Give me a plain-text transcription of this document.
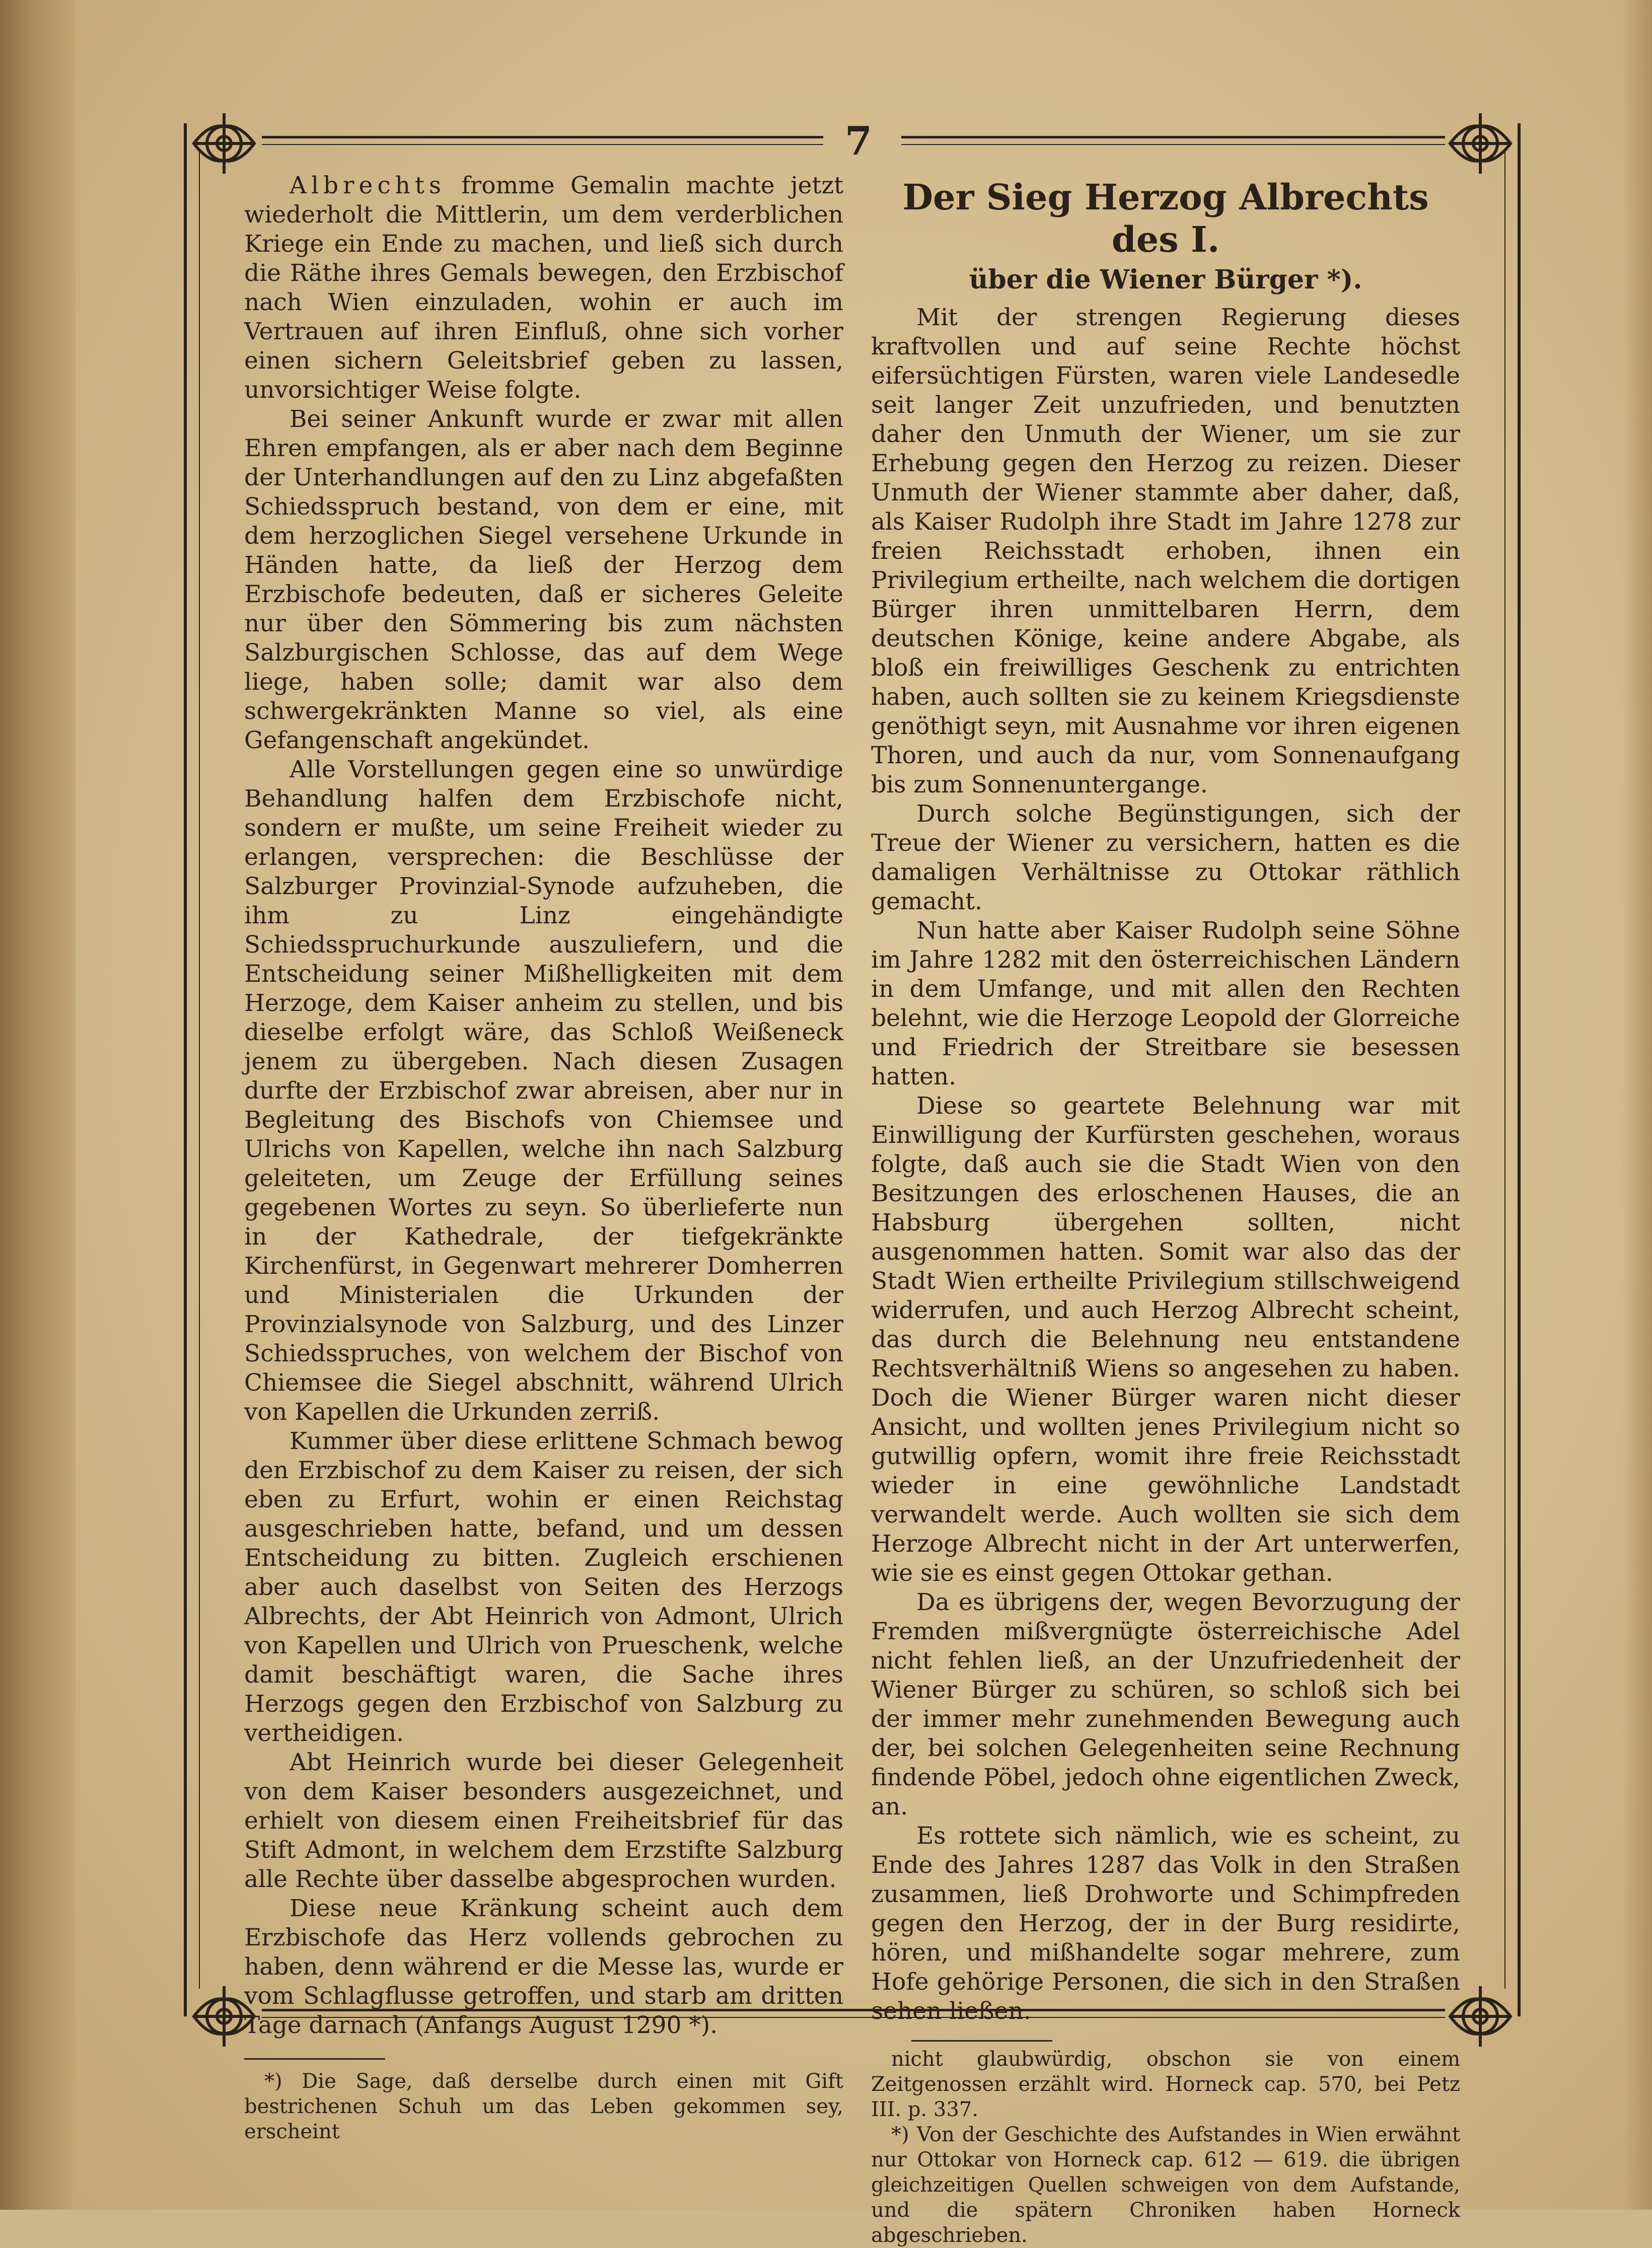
7

Albrechts fromme Gemalin machte jetzt wiederholt die Mittlerin, um dem verderblichen Kriege ein Ende zu machen, und ließ sich durch die Räthe ihres Gemals bewegen, den Erzbischof nach Wien einzuladen, wohin er auch im Vertrauen auf ihren Einfluß, ohne sich vorher einen sichern Geleitsbrief geben zu lassen, unvorsichtiger Weise folgte.

Bei seiner Ankunft wurde er zwar mit allen Ehren empfangen, als er aber nach dem Beginne der Unterhandlungen auf den zu Linz abgefaßten Schiedsspruch bestand, von dem er eine, mit dem herzoglichen Siegel versehene Urkunde in Händen hatte, da ließ der Herzog dem Erzbischofe bedeuten, daß er sicheres Geleite nur über den Sömmering bis zum nächsten Salzburgischen Schlosse, das auf dem Wege liege, haben solle; damit war also dem schwergekränkten Manne so viel, als eine Gefangenschaft angekündet.

Alle Vorstellungen gegen eine so unwürdige Behandlung halfen dem Erzbischofe nicht, sondern er mußte, um seine Freiheit wieder zu erlangen, versprechen: die Beschlüsse der Salzburger Provinzial-Synode aufzuheben, die ihm zu Linz eingehändigte Schiedsspruchurkunde auszuliefern, und die Entscheidung seiner Mißhelligkeiten mit dem Herzoge, dem Kaiser anheim zu stellen, und bis dieselbe erfolgt wäre, das Schloß Weißeneck jenem zu übergeben. Nach diesen Zusagen durfte der Erzbischof zwar abreisen, aber nur in Begleitung des Bischofs von Chiemsee und Ulrichs von Kapellen, welche ihn nach Salzburg geleiteten, um Zeuge der Erfüllung seines gegebenen Wortes zu seyn. So überlieferte nun in der Kathedrale, der tiefgekränkte Kirchenfürst, in Gegenwart mehrerer Domherren und Ministerialen die Urkunden der Provinzialsynode von Salzburg, und des Linzer Schiedsspruches, von welchem der Bischof von Chiemsee die Siegel abschnitt, während Ulrich von Kapellen die Urkunden zerriß.

Kummer über diese erlittene Schmach bewog den Erzbischof zu dem Kaiser zu reisen, der sich eben zu Erfurt, wohin er einen Reichstag ausgeschrieben hatte, befand, und um dessen Entscheidung zu bitten. Zugleich erschienen aber auch daselbst von Seiten des Herzogs Albrechts, der Abt Heinrich von Admont, Ulrich von Kapellen und Ulrich von Prueschenk, welche damit beschäftigt waren, die Sache ihres Herzogs gegen den Erzbischof von Salzburg zu vertheidigen.

Abt Heinrich wurde bei dieser Gelegenheit von dem Kaiser besonders ausgezeichnet, und erhielt von diesem einen Freiheitsbrief für das Stift Admont, in welchem dem Erzstifte Salzburg alle Rechte über dasselbe abgesprochen wurden.

Diese neue Kränkung scheint auch dem Erzbischofe das Herz vollends gebrochen zu haben, denn während er die Messe las, wurde er vom Schlagflusse getroffen, und starb am dritten Tage darnach (Anfangs August 1290 *).

*) Die Sage, daß derselbe durch einen mit Gift bestrichenen Schuh um das Leben gekommen sey, erscheint

Der Sieg Herzog Albrechts des I.
über die Wiener Bürger *).

Mit der strengen Regierung dieses kraftvollen und auf seine Rechte höchst eifersüchtigen Fürsten, waren viele Landesedle seit langer Zeit unzufrieden, und benutzten daher den Unmuth der Wiener, um sie zur Erhebung gegen den Herzog zu reizen. Dieser Unmuth der Wiener stammte aber daher, daß, als Kaiser Rudolph ihre Stadt im Jahre 1278 zur freien Reichsstadt erhoben, ihnen ein Privilegium ertheilte, nach welchem die dortigen Bürger ihren unmittelbaren Herrn, dem deutschen Könige, keine andere Abgabe, als bloß ein freiwilliges Geschenk zu entrichten haben, auch sollten sie zu keinem Kriegsdienste genöthigt seyn, mit Ausnahme vor ihren eigenen Thoren, und auch da nur, vom Sonnenaufgang bis zum Sonnenuntergange.

Durch solche Begünstigungen, sich der Treue der Wiener zu versichern, hatten es die damaligen Verhältnisse zu Ottokar räthlich gemacht.

Nun hatte aber Kaiser Rudolph seine Söhne im Jahre 1282 mit den österreichischen Ländern in dem Umfange, und mit allen den Rechten belehnt, wie die Herzoge Leopold der Glorreiche und Friedrich der Streitbare sie besessen hatten.

Diese so geartete Belehnung war mit Einwilligung der Kurfürsten geschehen, woraus folgte, daß auch sie die Stadt Wien von den Besitzungen des erloschenen Hauses, die an Habsburg übergehen sollten, nicht ausgenommen hatten. Somit war also das der Stadt Wien ertheilte Privilegium stillschweigend widerrufen, und auch Herzog Albrecht scheint, das durch die Belehnung neu entstandene Rechtsverhältniß Wiens so angesehen zu haben. Doch die Wiener Bürger waren nicht dieser Ansicht, und wollten jenes Privilegium nicht so gutwillig opfern, womit ihre freie Reichsstadt wieder in eine gewöhnliche Landstadt verwandelt werde. Auch wollten sie sich dem Herzoge Albrecht nicht in der Art unterwerfen, wie sie es einst gegen Ottokar gethan.

Da es übrigens der, wegen Bevorzugung der Fremden mißvergnügte österreichische Adel nicht fehlen ließ, an der Unzufriedenheit der Wiener Bürger zu schüren, so schloß sich bei der immer mehr zunehmenden Bewegung auch der, bei solchen Gelegenheiten seine Rechnung findende Pöbel, jedoch ohne eigentlichen Zweck, an.

Es rottete sich nämlich, wie es scheint, zu Ende des Jahres 1287 das Volk in den Straßen zusammen, ließ Drohworte und Schimpfreden gegen den Herzog, der in der Burg residirte, hören, und mißhandelte sogar mehrere, zum Hofe gehörige Personen, die sich in den Straßen sehen ließen.

nicht glaubwürdig, obschon sie von einem Zeitgenossen erzählt wird. Horneck cap. 570, bei Petz III. p. 337.

*) Von der Geschichte des Aufstandes in Wien erwähnt nur Ottokar von Horneck cap. 612 — 619. die übrigen gleichzeitigen Quellen schweigen von dem Aufstande, und die spätern Chroniken haben Horneck abgeschrieben.
